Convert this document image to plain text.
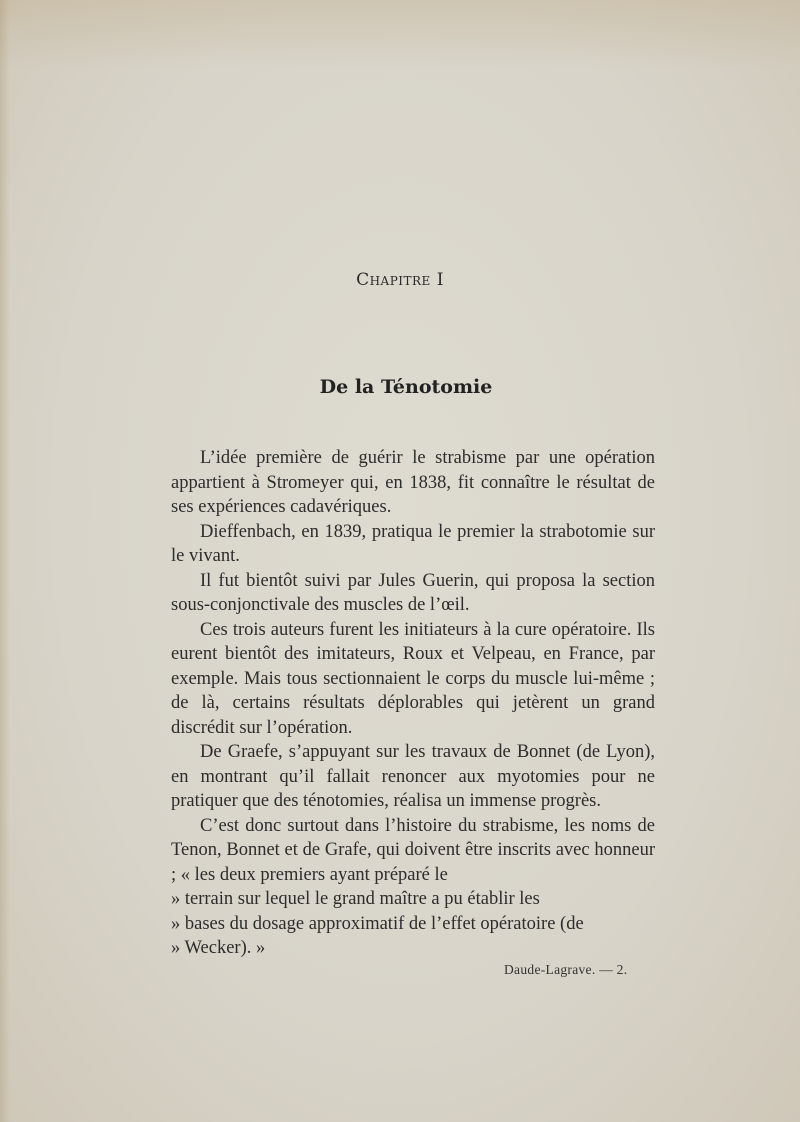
Chapitre I
De la Ténotomie

L’idée première de guérir le strabisme par une opération appartient à Stromeyer qui, en 1838, fit connaître le résultat de ses expériences cadavériques.

Dieffenbach, en 1839, pratiqua le premier la strabotomie sur le vivant.

Il fut bientôt suivi par Jules Guerin, qui proposa la section sous-conjonctivale des muscles de l’œil.

Ces trois auteurs furent les initiateurs à la cure opératoire. Ils eurent bientôt des imitateurs, Roux et Velpeau, en France, par exemple. Mais tous sectionnaient le corps du muscle lui-même ; de là, certains résultats déplorables qui jetèrent un grand discrédit sur l’opération.

De Graefe, s’appuyant sur les travaux de Bonnet (de Lyon), en montrant qu’il fallait renoncer aux myotomies pour ne pratiquer que des ténotomies, réalisa un immense progrès.

C’est donc surtout dans l’histoire du strabisme, les noms de Tenon, Bonnet et de Grafe, qui doivent être inscrits avec honneur ; « les deux premiers ayant préparé le

» terrain sur lequel le grand maître a pu établir les

» bases du dosage approximatif de l’effet opératoire (de

» Wecker). »

Daude-Lagrave. — 2.
